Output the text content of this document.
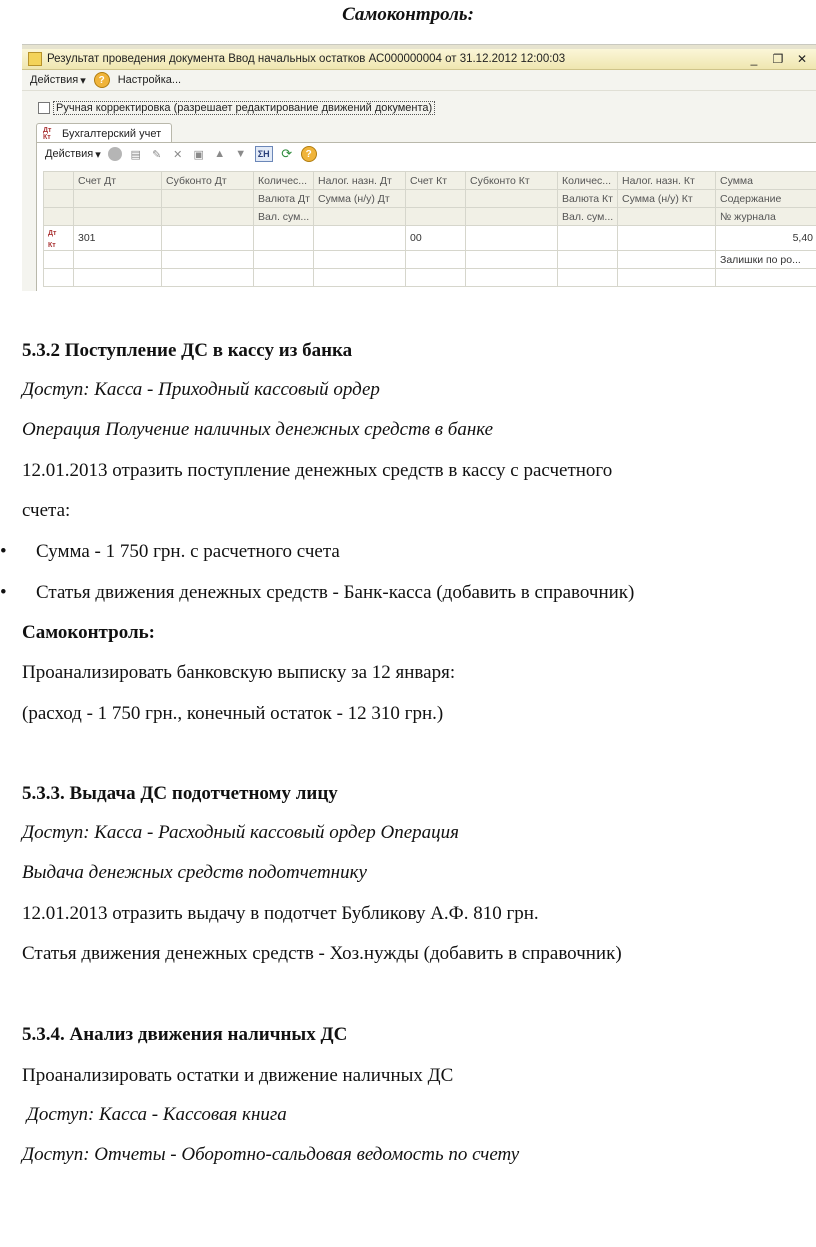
Самоконтроль:
Результат проведения документа Ввод начальных остатков АС000000004 от 31.12.2012 12:00:03	_ ❐ ✕
Действия ▾	?	Настройка...
Ручная корректировка (разрешает редактирование движений документа)
Дт
Кт	Бухгалтерский учет
Действия ▾	▤ ✎ ✕ ▣ ▲ ▼	ΣH ⟳	?
	Счет Дт	Субконто Дт	Количес...	Налог. назн. Дт	Счет Кт	Субконто Кт	Количес...	Налог. назн. Кт	Сумма
			Валюта Дт	Сумма (н/у) Дт			Валюта Кт	Сумма (н/у) Кт	Содержание
			Вал. сум...				Вал. сум...		№ журнала
Дт
Кт	301				00				5,40
									Залишки по ро...

5.3.2 Поступление ДС в кассу из банка
Доступ: Касса - Приходный кассовый ордер
Операция Получение наличных денежных средств в банке
12.01.2013 отразить поступление денежных средств в кассу с расчетного
счета:
• Сумма - 1 750 грн. с расчетного счета
• Статья движения денежных средств - Банк-касса (добавить в справочник)
Самоконтроль:
Проанализировать банковскую выписку за 12 января:
(расход - 1 750 грн., конечный остаток - 12 310 грн.)
5.3.3. Выдача ДС подотчетному лицу
Доступ: Касса - Расходный кассовый ордер Операция
Выдача денежных средств подотчетнику
12.01.2013 отразить выдачу в подотчет Бубликову А.Ф. 810 грн.
Статья движения денежных средств - Хоз.нужды (добавить в справочник)
5.3.4. Анализ движения наличных ДС
Проанализировать остатки и движение наличных ДС
Доступ: Касса - Кассовая книга
Доступ: Отчеты - Оборотно-сальдовая ведомость по счету
